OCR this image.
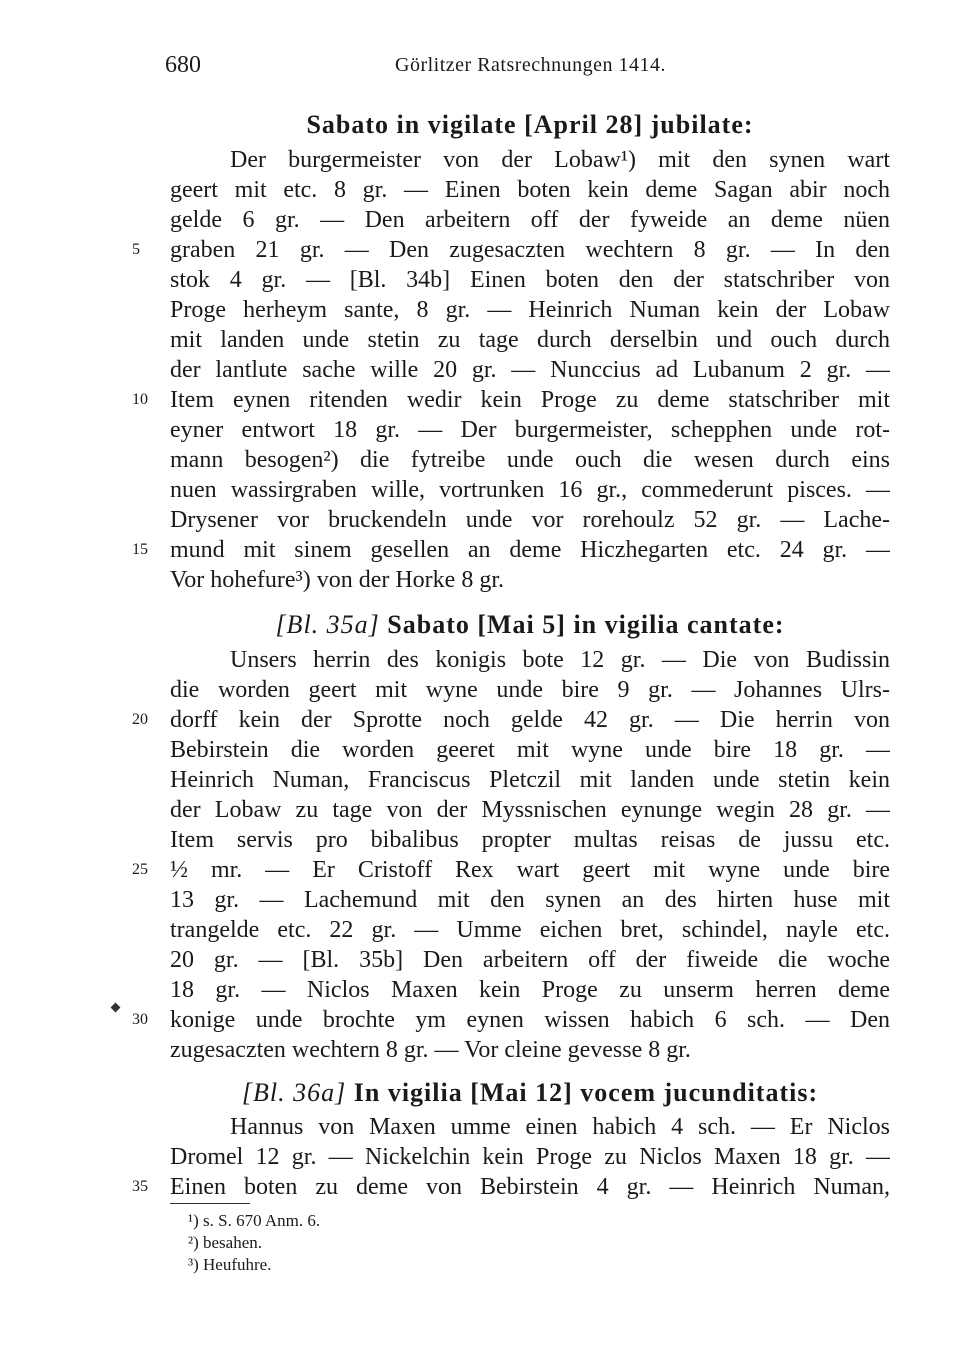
680	Görlitzer Ratsrechnungen 1414.
Sabato in vigilate [April 28] jubilate:
Der burgermeister von der Lobaw¹) mit den synen wart
geert mit etc. 8 gr. — Einen boten kein deme Sagan abir noch
gelde 6 gr. — Den arbeitern off der fyweide an deme nüen
graben 21 gr. — Den zugesaczten wechtern 8 gr. — In den
stok 4 gr. — [Bl. 34b] Einen boten den der statschriber von
Proge herheym sante, 8 gr. — Heinrich Numan kein der Lobaw
mit landen unde stetin zu tage durch derselbin und ouch durch
der lantlute sache wille 20 gr. — Nunccius ad Lubanum 2 gr. —
Item eynen ritenden wedir kein Proge zu deme statschriber mit
eyner entwort 18 gr. — Der burgermeister, schepphen unde rot-
mann besogen²) die fytreibe unde ouch die wesen durch eins
nuen wassirgraben wille, vortrunken 16 gr., commederunt pisces. —
Drysener vor bruckendeln unde vor rorehoulz 52 gr. — Lache-
mund mit sinem gesellen an deme Hiczhegarten etc. 24 gr. —
Vor hohefure³) von der Horke 8 gr.
[Bl. 35a] Sabato [Mai 5] in vigilia cantate:
Unsers herrin des konigis bote 12 gr. — Die von Budissin
die worden geert mit wyne unde bire 9 gr. — Johannes Ulrs-
dorff kein der Sprotte noch gelde 42 gr. — Die herrin von
Bebirstein die worden geeret mit wyne unde bire 18 gr. —
Heinrich Numan, Franciscus Pletczil mit landen unde stetin kein
der Lobaw zu tage von der Myssnischen eynunge wegin 28 gr. —
Item servis pro bibalibus propter multas reisas de jussu etc.
½ mr. — Er Cristoff Rex wart geert mit wyne unde bire
13 gr. — Lachemund mit den synen an des hirten huse mit
trangelde etc. 22 gr. — Umme eichen bret, schindel, nayle etc.
20 gr. — [Bl. 35b] Den arbeitern off der fiweide die woche
18 gr. — Niclos Maxen kein Proge zu unserm herren deme
konige unde brochte ym eynen wissen habich 6 sch. — Den
zugesaczten wechtern 8 gr. — Vor cleine gevesse 8 gr.
[Bl. 36a] In vigilia [Mai 12] vocem jucunditatis:
Hannus von Maxen umme einen habich 4 sch. — Er Niclos
Dromel 12 gr. — Nickelchin kein Proge zu Niclos Maxen 18 gr. —
Einen boten zu deme von Bebirstein 4 gr. — Heinrich Numan,
5
10
15
20
25
30
35
¹) s. S. 670 Anm. 6.
²) besahen.
³) Heufuhre.
